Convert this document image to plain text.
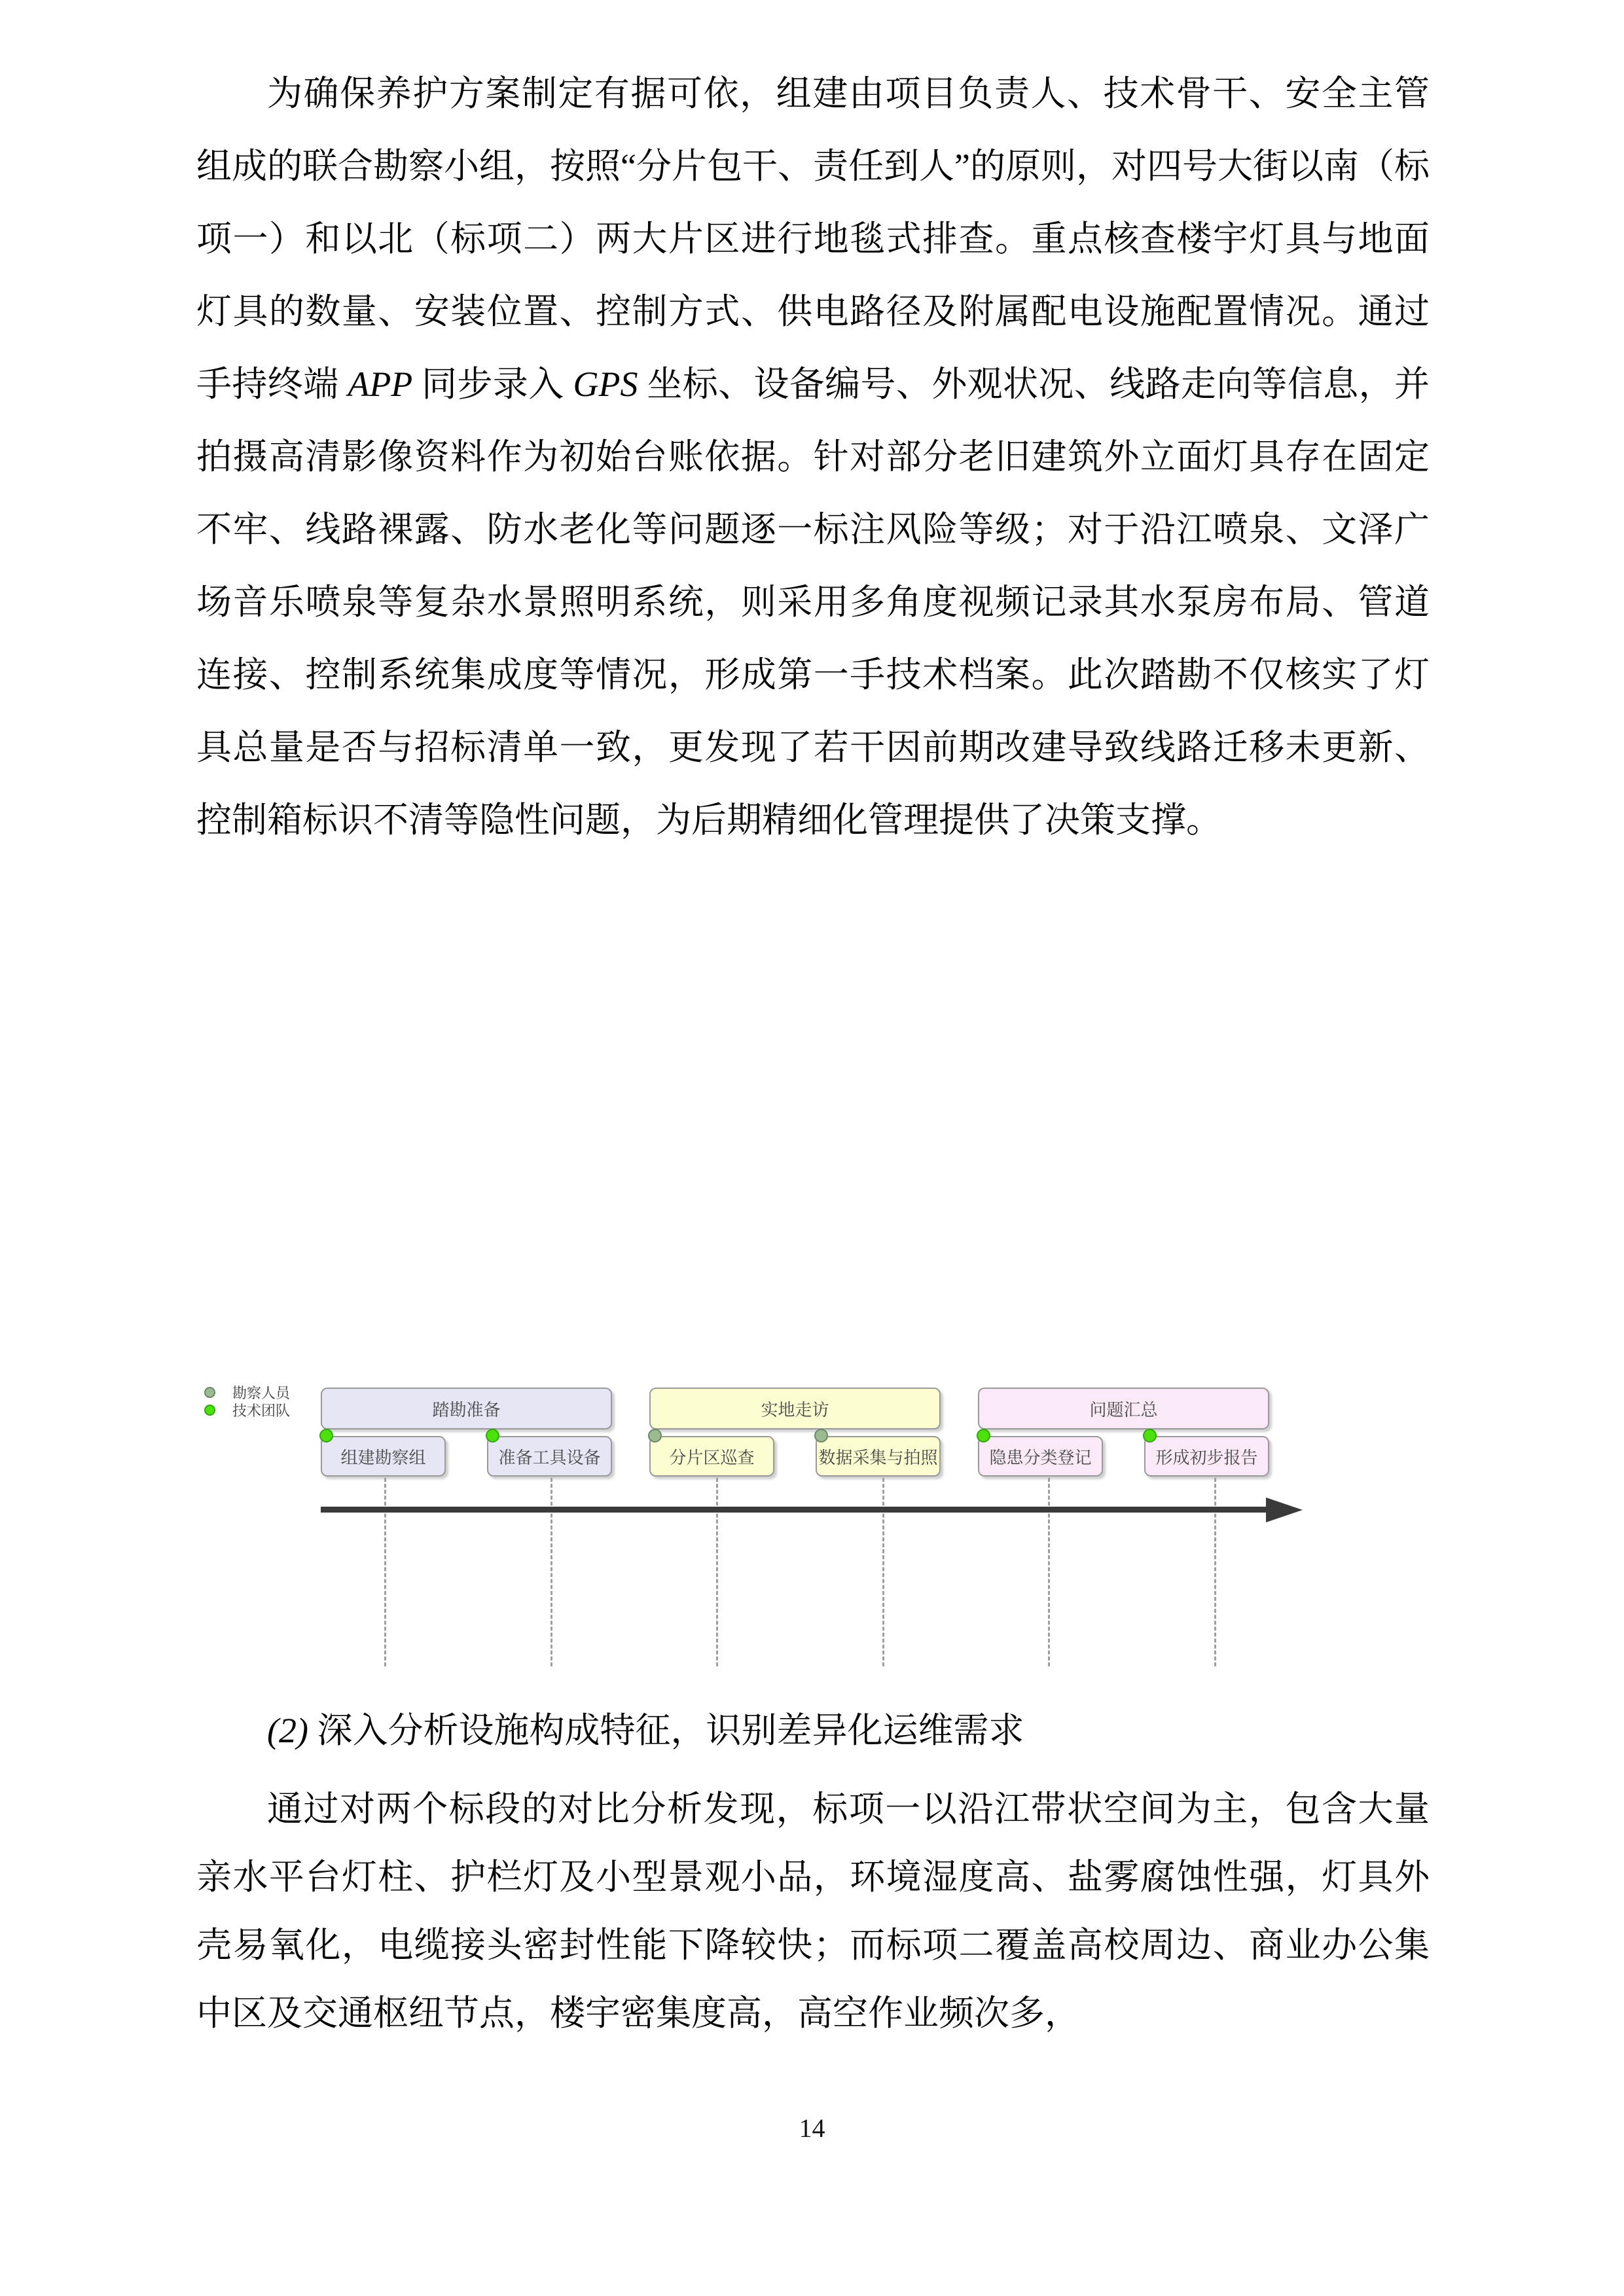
为确保养护方案制定有据可依，组建由项目负责人、技术骨干、安全主管组成的联合勘察小组，按照“分片包干、责任到人”的原则，对四号大街以南（标项一）和以北（标项二）两大片区进行地毯式排查。重点核查楼宇灯具与地面灯具的数量、安装位置、控制方式、供电路径及附属配电设施配置情况。通过手持终端 APP 同步录入 GPS 坐标、设备编号、外观状况、线路走向等信息，并拍摄高清影像资料作为初始台账依据。针对部分老旧建筑外立面灯具存在固定不牢、线路裸露、防水老化等问题逐一标注风险等级；对于沿江喷泉、文泽广场音乐喷泉等复杂水景照明系统，则采用多角度视频记录其水泵房布局、管道连接、控制系统集成度等情况，形成第一手技术档案。此次踏勘不仅核实了灯具总量是否与招标清单一致，更发现了若干因前期改建导致线路迁移未更新、控制箱标识不清等隐性问题，为后期精细化管理提供了决策支撑。

勘察人员
技术团队	踏勘准备
组建勘察组	准备工具设备
实地走访
分片区巡查	数据采集与拍照
问题汇总
隐患分类登记	形成初步报告

(2) 深入分析设施构成特征，识别差异化运维需求

通过对两个标段的对比分析发现，标项一以沿江带状空间为主，包含大量亲水平台灯柱、护栏灯及小型景观小品，环境湿度高、盐雾腐蚀性强，灯具外壳易氧化，电缆接头密封性能下降较快；而标项二覆盖高校周边、商业办公集中区及交通枢纽节点，楼宇密集度高，高空作业频次多，

14
